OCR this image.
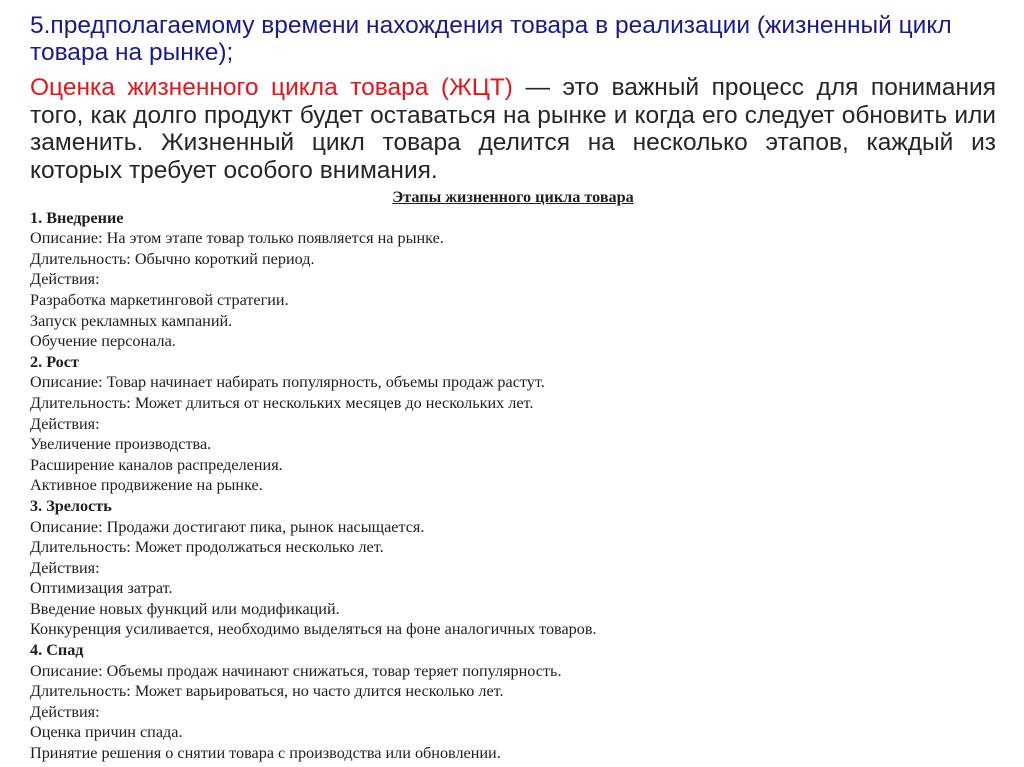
5.предполагаемому времени нахождения товара в реализации (жизненный цикл товара на рынке);

Оценка жизненного цикла товара (ЖЦТ) — это важный процесс для понимания того, как долго продукт будет оставаться на рынке и когда его следует обновить или заменить. Жизненный цикл товара делится на несколько этапов, каждый из которых требует особого внимания.

Этапы жизненного цикла товара
1. Внедрение
Описание: На этом этапе товар только появляется на рынке.
Длительность: Обычно короткий период.
Действия:
Разработка маркетинговой стратегии.
Запуск рекламных кампаний.
Обучение персонала.
2. Рост
Описание: Товар начинает набирать популярность, объемы продаж растут.
Длительность: Может длиться от нескольких месяцев до нескольких лет.
Действия:
Увеличение производства.
Расширение каналов распределения.
Активное продвижение на рынке.
3. Зрелость
Описание: Продажи достигают пика, рынок насыщается.
Длительность: Может продолжаться несколько лет.
Действия:
Оптимизация затрат.
Введение новых функций или модификаций.
Конкуренция усиливается, необходимо выделяться на фоне аналогичных товаров.
4. Спад
Описание: Объемы продаж начинают снижаться, товар теряет популярность.
Длительность: Может варьироваться, но часто длится несколько лет.
Действия:
Оценка причин спада.
Принятие решения о снятии товара с производства или обновлении.
